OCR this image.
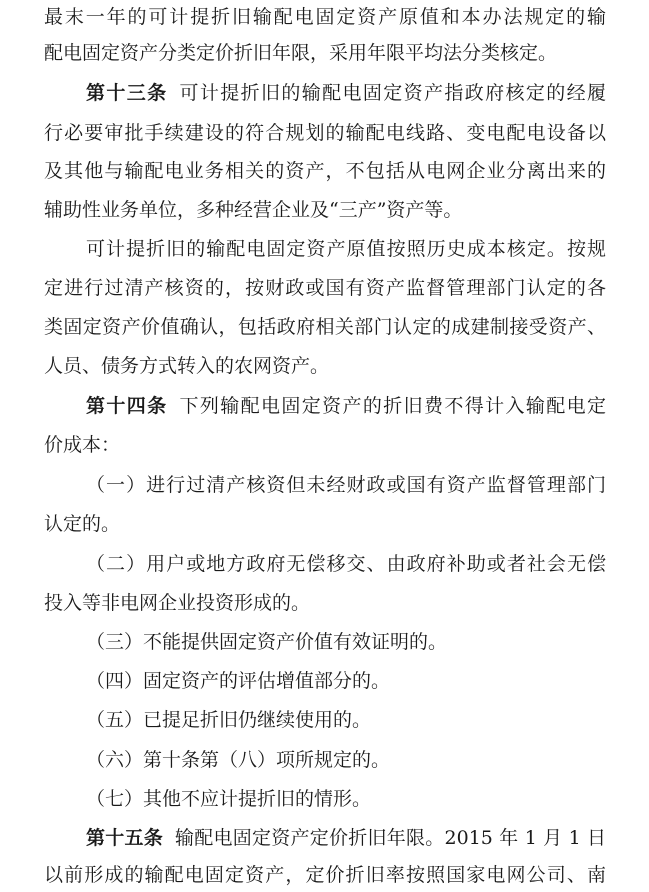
最末一年的可计提折旧输配电固定资产原值和本办法规定的输
配电固定资产分类定价折旧年限，采用年限平均法分类核定。
第十三条 可计提折旧的输配电固定资产指政府核定的经履
行必要审批手续建设的符合规划的输配电线路、变电配电设备以
及其他与输配电业务相关的资产，不包括从电网企业分离出来的
辅助性业务单位，多种经营企业及“三产”资产等。
可计提折旧的输配电固定资产原值按照历史成本核定。按规
定进行过清产核资的，按财政或国有资产监督管理部门认定的各
类固定资产价值确认，包括政府相关部门认定的成建制接受资产、
人员、债务方式转入的农网资产。
第十四条 下列输配电固定资产的折旧费不得计入输配电定
价成本：
（一）进行过清产核资但未经财政或国有资产监督管理部门
认定的。
（二）用户或地方政府无偿移交、由政府补助或者社会无偿
投入等非电网企业投资形成的。
（三）不能提供固定资产价值有效证明的。
（四）固定资产的评估增值部分的。
（五）已提足折旧仍继续使用的。
（六）第十条第（八）项所规定的。
（七）其他不应计提折旧的情形。
第十五条 输配电固定资产定价折旧年限。2015 年 1 月 1 日
以前形成的输配电固定资产，定价折旧率按照国家电网公司、南
